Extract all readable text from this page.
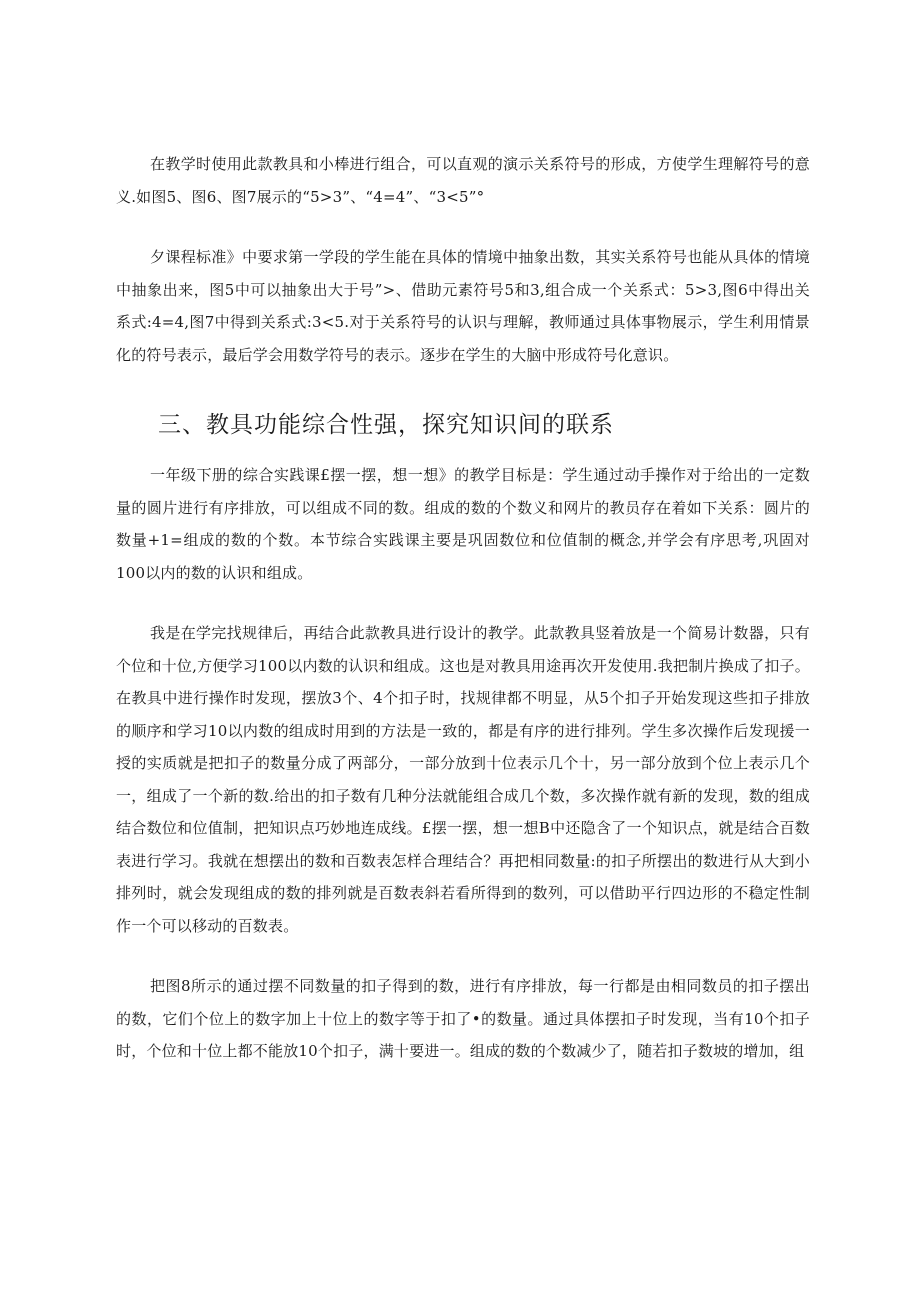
在教学时使用此款教具和小棒进行组合，可以直观的演示关系符号的形成，方使学生理解符号的意义.如图5、图6、图7展示的“5>3”、“4=4”、“3<5”°

夕课程标准》中要求第一学段的学生能在具体的情境中抽象出数，其实关系符号也能从具体的情境中抽象出来，图5中可以抽象出大于号”>、借助元素符号5和3,组合成一个关系式：5>3,图6中得出关系式:4=4,图7中得到关系式:3<5.对于关系符号的认识与理解，教师通过具体事物展示，学生利用情景化的符号表示，最后学会用数学符号的表示。逐步在学生的大脑中形成符号化意识。

三、教具功能综合性强，探究知识间的联系

一年级下册的综合实践课£摆一摆，想一想》的教学目标是：学生通过动手操作对于给出的一定数量的圆片进行有序排放，可以组成不同的数。组成的数的个数义和网片的教员存在着如下关系：圆片的数量+1=组成的数的个数。本节综合实践课主要是巩固数位和位值制的概念,并学会有序思考,巩固对100以内的数的认识和组成。

我是在学完找规律后，再结合此款教具进行设计的教学。此款教具竖着放是一个简易计数器，只有个位和十位,方便学习100以内数的认识和组成。这也是对教具用途再次开发使用.我把制片换成了扣子。在教具中进行操作时发现，摆放3个、4个扣子时，找规律都不明显，从5个扣子开始发现这些扣子排放的顺序和学习10以内数的组成时用到的方法是一致的，都是有序的进行排列。学生多次操作后发现援一授的实质就是把扣子的数量分成了两部分，一部分放到十位表示几个十，另一部分放到个位上表示几个一，组成了一个新的数.给出的扣子数有几种分法就能组合成几个数，多次操作就有新的发现，数的组成结合数位和位值制，把知识点巧妙地连成线。£摆一摆，想一想B中还隐含了一个知识点，就是结合百数表进行学习。我就在想摆出的数和百数表怎样合理结合？再把相同数量:的扣子所摆出的数进行从大到小排列时，就会发现组成的数的排列就是百数表斜若看所得到的数列，可以借助平行四边形的不稳定性制作一个可以移动的百数表。

把图8所示的通过摆不同数量的扣子得到的数，进行有序排放，每一行都是由相同数员的扣子摆出的数，它们个位上的数字加上十位上的数字等于扣了•的数量。通过具体摆扣子时发现，当有10个扣子时，个位和十位上都不能放10个扣子，满十要进一。组成的数的个数减少了，随若扣子数坡的增加，组
